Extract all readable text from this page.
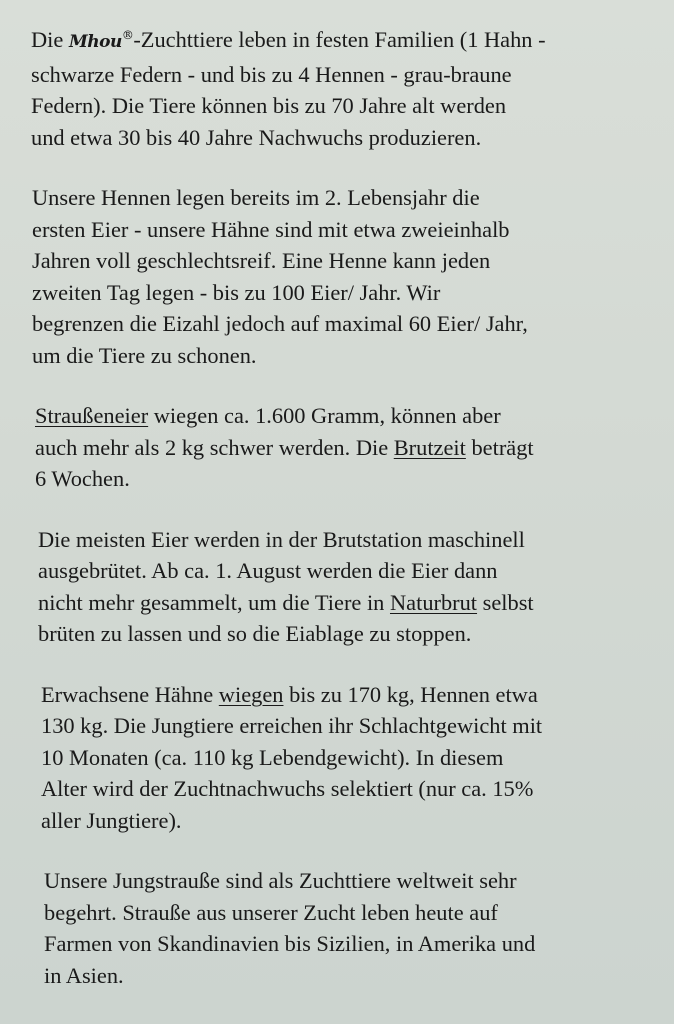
Die Mhou®-Zuchttiere leben in festen Familien (1 Hahn -
schwarze Federn - und bis zu 4 Hennen - grau-braune
Federn). Die Tiere können bis zu 70 Jahre alt werden
und etwa 30 bis 40 Jahre Nachwuchs produzieren.

Unsere Hennen legen bereits im 2. Lebensjahr die
ersten Eier - unsere Hähne sind mit etwa zweieinhalb
Jahren voll geschlechtsreif. Eine Henne kann jeden
zweiten Tag legen - bis zu 100 Eier/ Jahr. Wir
begrenzen die Eizahl jedoch auf maximal 60 Eier/ Jahr,
um die Tiere zu schonen.

Straußeneier wiegen ca. 1.600 Gramm, können aber
auch mehr als 2 kg schwer werden. Die Brutzeit beträgt
6 Wochen.

Die meisten Eier werden in der Brutstation maschinell
ausgebrütet. Ab ca. 1. August werden die Eier dann
nicht mehr gesammelt, um die Tiere in Naturbrut selbst
brüten zu lassen und so die Eiablage zu stoppen.

Erwachsene Hähne wiegen bis zu 170 kg, Hennen etwa
130 kg. Die Jungtiere erreichen ihr Schlachtgewicht mit
10 Monaten (ca. 110 kg Lebendgewicht). In diesem
Alter wird der Zuchtnachwuchs selektiert (nur ca. 15%
aller Jungtiere).

Unsere Jungstrauße sind als Zuchttiere weltweit sehr
begehrt. Strauße aus unserer Zucht leben heute auf
Farmen von Skandinavien bis Sizilien, in Amerika und
in Asien.
